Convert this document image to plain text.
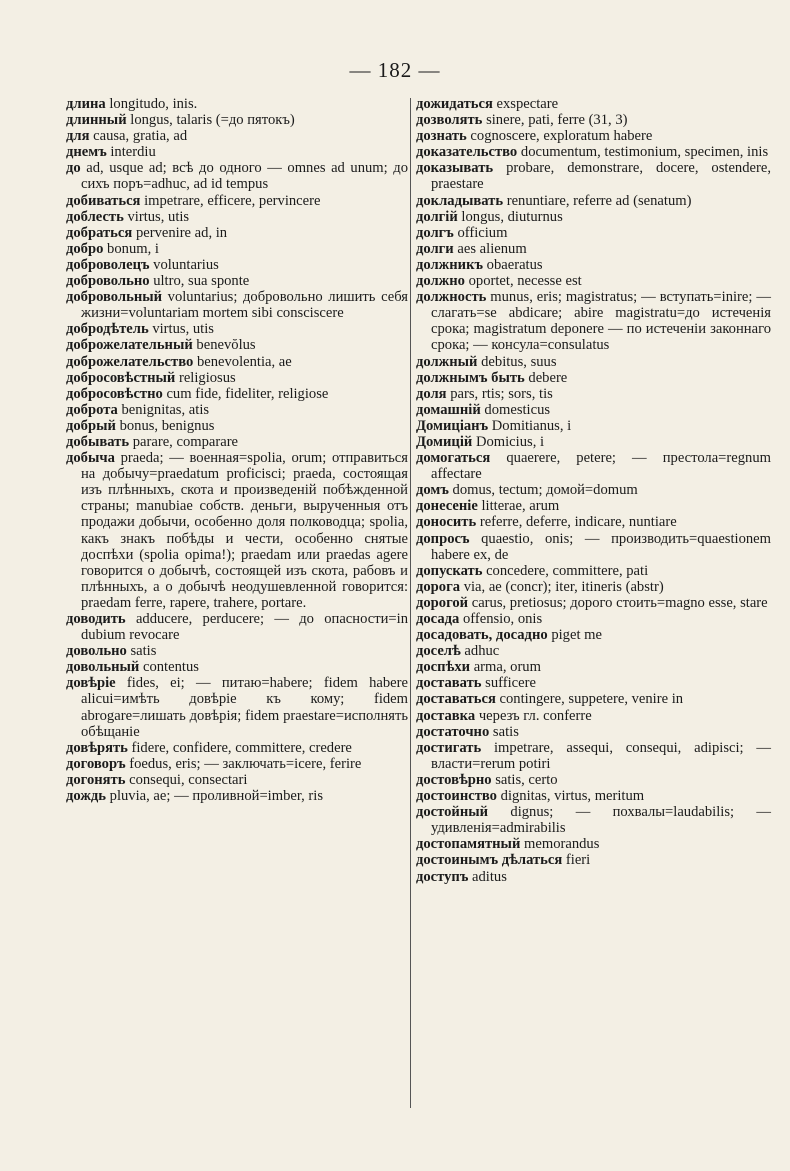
— 182 —
длина longitudo, inis.
длинный longus, talaris (=до пятокъ)
для causa, gratia, ad
днемъ interdiu
до ad, usque ad; всѣ до одного — omnes ad unum; до сихъ поръ=adhuc, ad id tempus
добиваться impetrare, efficere, pervincere
доблесть virtus, utis
добраться pervenire ad, in
добро bonum, i
доброволецъ voluntarius
добровольно ultro, sua sponte
добровольный voluntarius; добровольно лишить себя жизни=voluntariam mortem sibi consciscere
добродѣтель virtus, utis
доброжелательный benevŏlus
доброжелательство benevolentia, ae
добросовѣстный religiosus
добросовѣстно cum fide, fideliter, religiose
доброта benignitas, atis
добрый bonus, benignus
добывать parare, comparare
добыча praeda; — военная=spolia, orum; отправиться на добычу=praedatum proficisci; praeda, состоящая изъ плѣнныхъ, скота и произведенiй побѣжденной страны; manubiae собств. деньги, вырученныя отъ продажи добычи, особенно доля полководца; spolia, какъ знакъ побѣды и чести, особенно снятые доспѣхи (spolia opima!); praedam или praedas agere говорится о добычѣ, состоящей изъ скота, рабовъ и плѣнныхъ, а о добычѣ неодушевленной говорится: praedam ferre, rapere, trahere, portare.
доводить adducere, perducere; — до опасности=in dubium revocare
довольно satis
довольный contentus
довѣрiе fides, ei; — питаю=habere; fidem habere alicui=имѣть довѣрiе къ кому; fidem abrogare=лишать довѣрiя; fidem praestare=исполнять обѣщанiе
довѣрять fidere, confidere, committere, credere
договоръ foedus, eris; — заключать=icere, ferire
догонять consequi, consectari
дождь pluvia, ae; — проливной=imber, ris
дожидаться exspectare
дозволять sinere, pati, ferre (31, 3)
дознать cognoscere, exploratum habere
доказательство documentum, testimonium, specimen, inis
доказывать probare, demonstrare, docere, ostendere, praestare
докладывать renuntiare, referre ad (senatum)
долгiй longus, diuturnus
долгъ officium
долги aes alienum
должникъ obaeratus
должно oportet, necesse est
должность munus, eris; magistratus; — вступать=inire; — слагать=se abdicare; abire magistratu=до истеченiя срока; magistratum deponere — по истеченiи законнаго срока; — консула=consulatus
должный debitus, suus
должнымъ быть debere
доля pars, rtis; sors, tis
домашнiй domesticus
Домицiанъ Domitianus, i
Домицiй Domicius, i
домогаться quaerere, petere; — престола=regnum affectare
домъ domus, tectum; домой=domum
донесенiе litterae, arum
доносить referre, deferre, indicare, nuntiare
допросъ quaestio, onis; — производить=quaestionem habere ex, de
допускать concedere, committere, pati
дорога via, ae (concr); iter, itineris (abstr)
дорогой carus, pretiosus; дорого стоить=magno esse, stare
досада offensio, onis
досадовать, досадно piget me
доселѣ adhuc
доспѣхи arma, orum
доставать sufficere
доставаться contingere, suppetere, venire in
доставка черезъ гл. conferre
достаточно satis
достигать impetrare, assequi, consequi, adipisci; — власти=rerum potiri
достовѣрно satis, certo
достоинство dignitas, virtus, meritum
достойный dignus; — похвалы=laudabilis; — удивленiя=admirabilis
достопамятный memorandus
достоинымъ дѣлаться fieri
доступъ aditus
